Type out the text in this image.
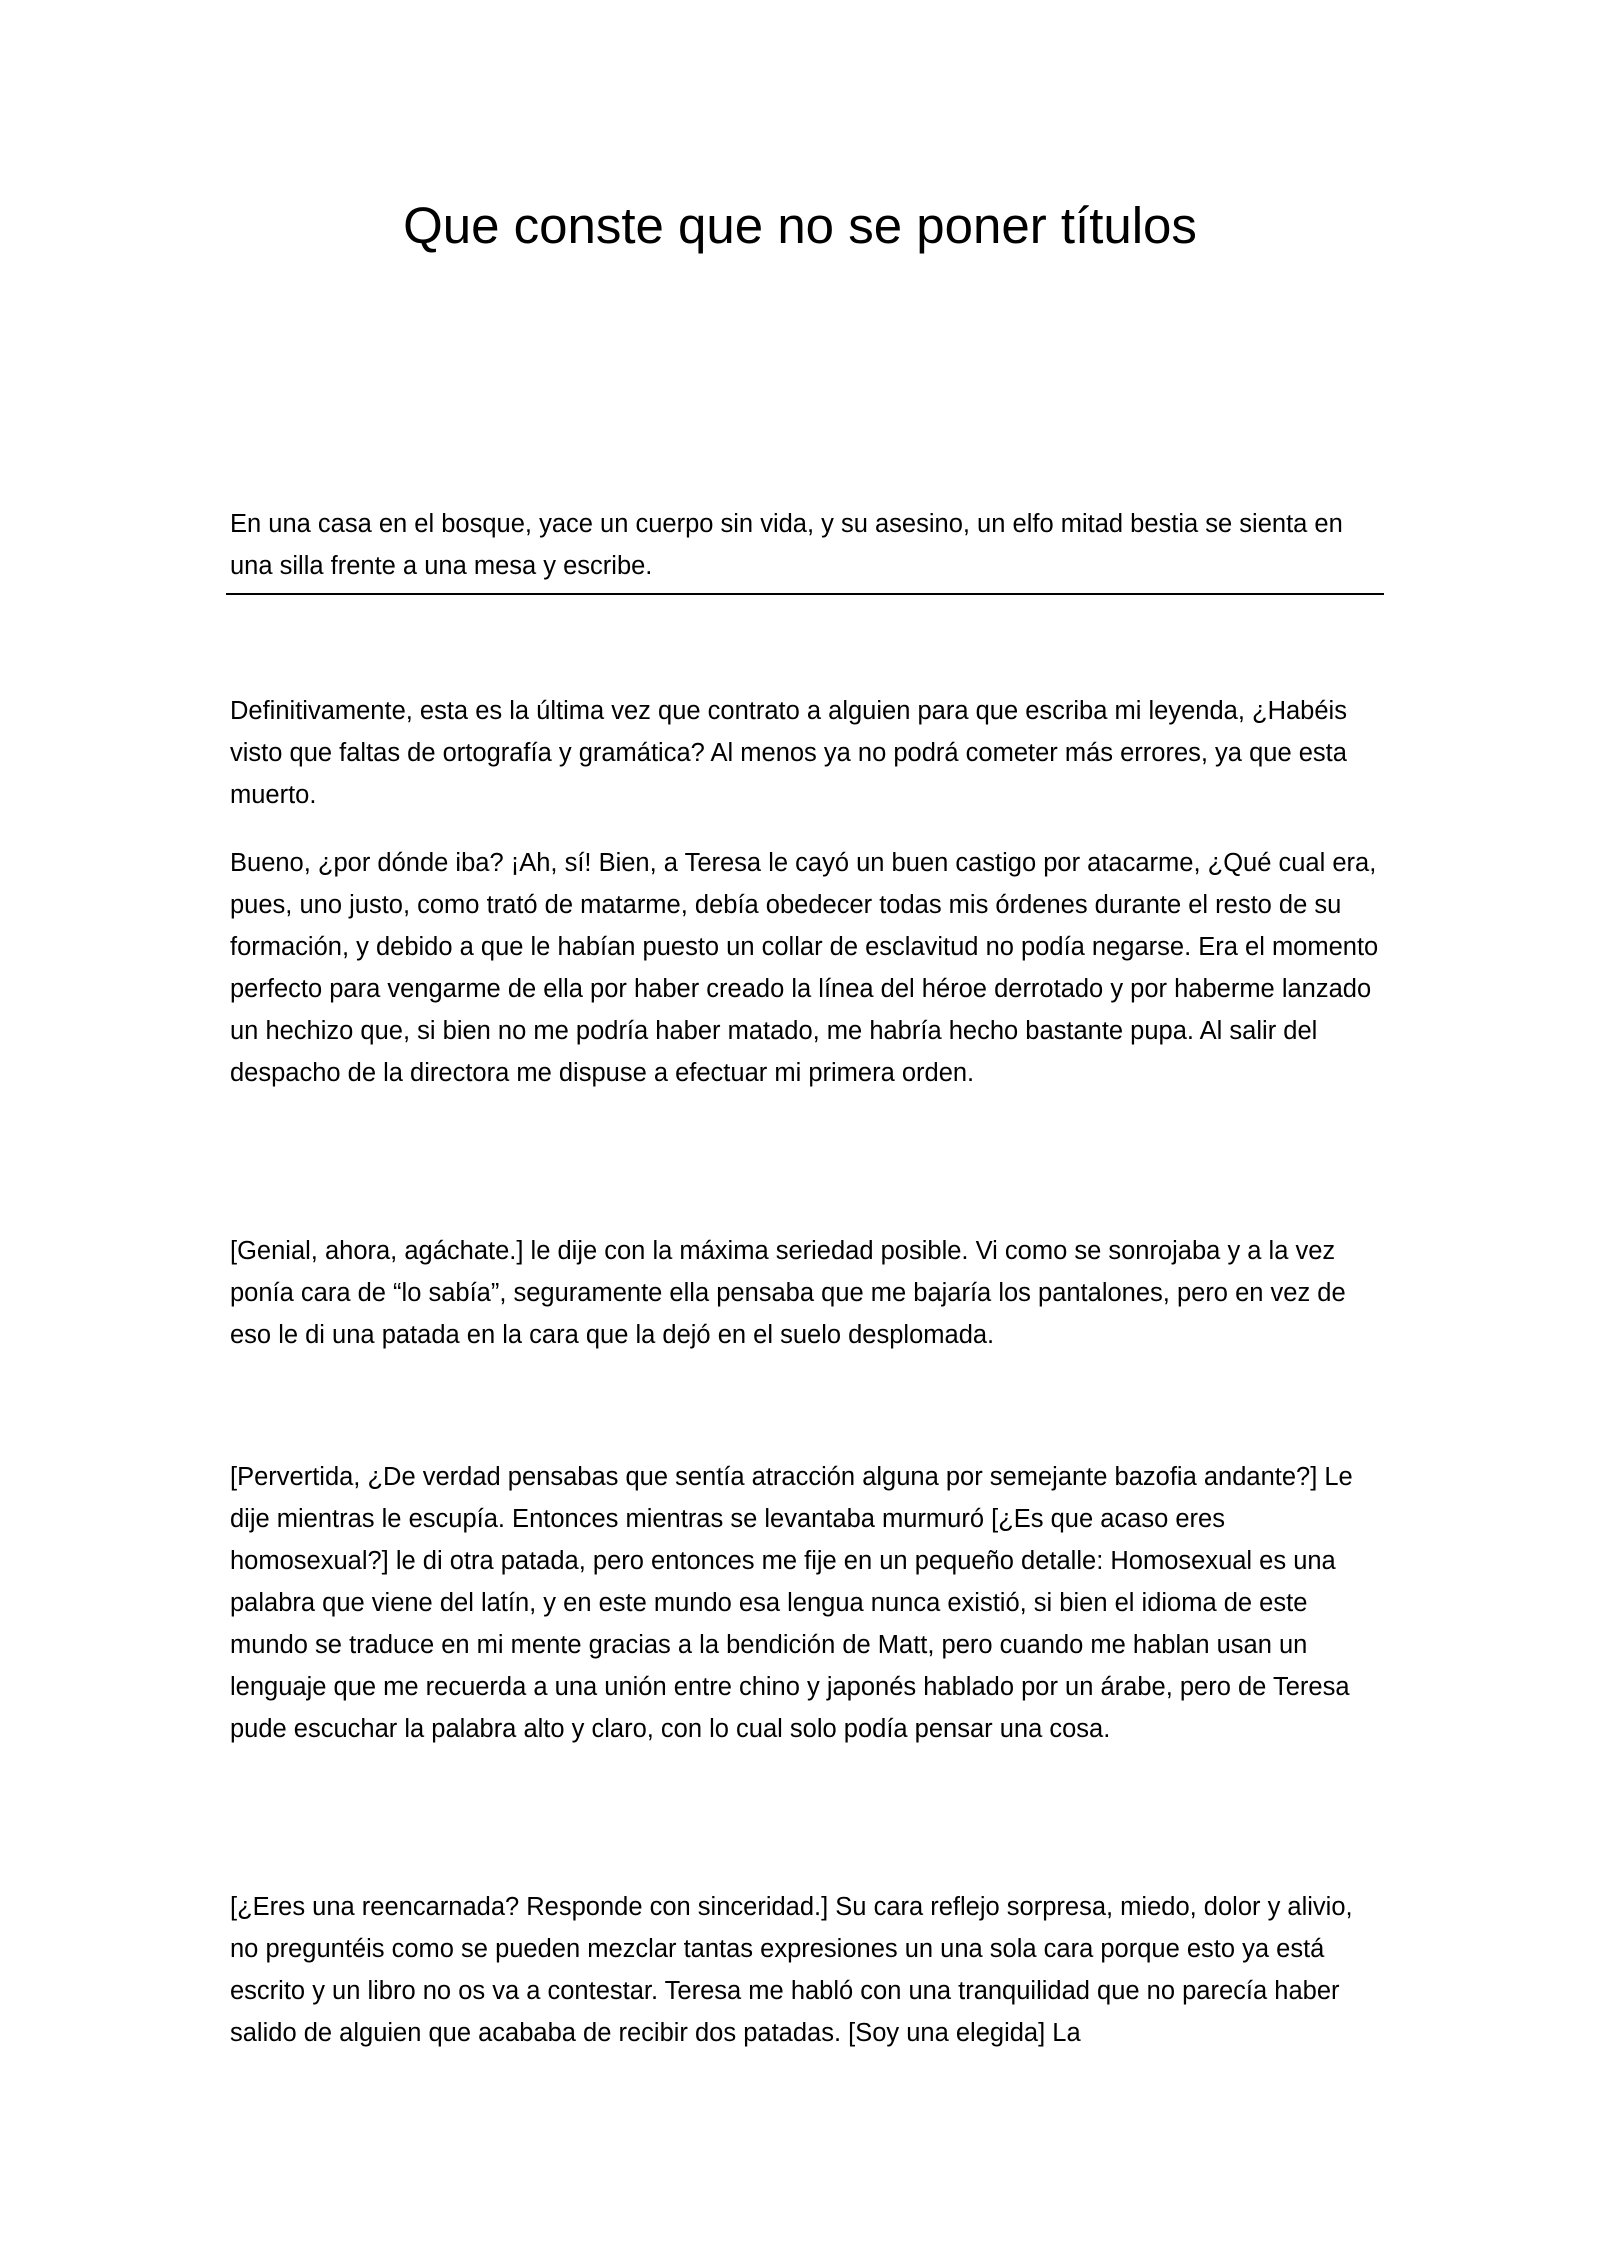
Que conste que no se poner títulos

En una casa en el bosque, yace un cuerpo sin vida, y su asesino, un elfo mitad bestia se sienta en una silla frente a una mesa y escribe.

Definitivamente, esta es la última vez que contrato a alguien para que escriba mi leyenda, ¿Habéis visto que faltas de ortografía y gramática? Al menos ya no podrá cometer más errores, ya que esta muerto.

Bueno, ¿por dónde iba? ¡Ah, sí! Bien, a Teresa le cayó un buen castigo por atacarme, ¿Qué cual era, pues, uno justo, como trató de matarme, debía obedecer todas mis órdenes durante el resto de su formación, y debido a que le habían puesto un collar de esclavitud no podía negarse. Era el momento perfecto para vengarme de ella por haber creado la línea del héroe derrotado y por haberme lanzado un hechizo que, si bien no me podría haber matado, me habría hecho bastante pupa. Al salir del despacho de la directora me dispuse a efectuar mi primera orden.

[Genial, ahora, agáchate.] le dije con la máxima seriedad posible. Vi como se sonrojaba y a la vez ponía cara de “lo sabía”, seguramente ella pensaba que me bajaría los pantalones, pero en vez de eso le di una patada en la cara que la dejó en el suelo desplomada.

[Pervertida, ¿De verdad pensabas que sentía atracción alguna por semejante bazofia andante?] Le dije mientras le escupía. Entonces mientras se levantaba murmuró [¿Es que acaso eres homosexual?] le di otra patada, pero entonces me fije en un pequeño detalle: Homosexual es una palabra que viene del latín, y en este mundo esa lengua nunca existió, si bien el idioma de este mundo se traduce en mi mente gracias a la bendición de Matt, pero cuando me hablan usan un lenguaje que me recuerda a una unión entre chino y japonés hablado por un árabe, pero de Teresa pude escuchar la palabra alto y claro, con lo cual solo podía pensar una cosa.

[¿Eres una reencarnada? Responde con sinceridad.] Su cara reflejo sorpresa, miedo, dolor y alivio, no preguntéis como se pueden mezclar tantas expresiones un una sola cara porque esto ya está escrito y un libro no os va a contestar. Teresa me habló con una tranquilidad que no parecía haber salido de alguien que acababa de recibir dos patadas. [Soy una elegida] La
